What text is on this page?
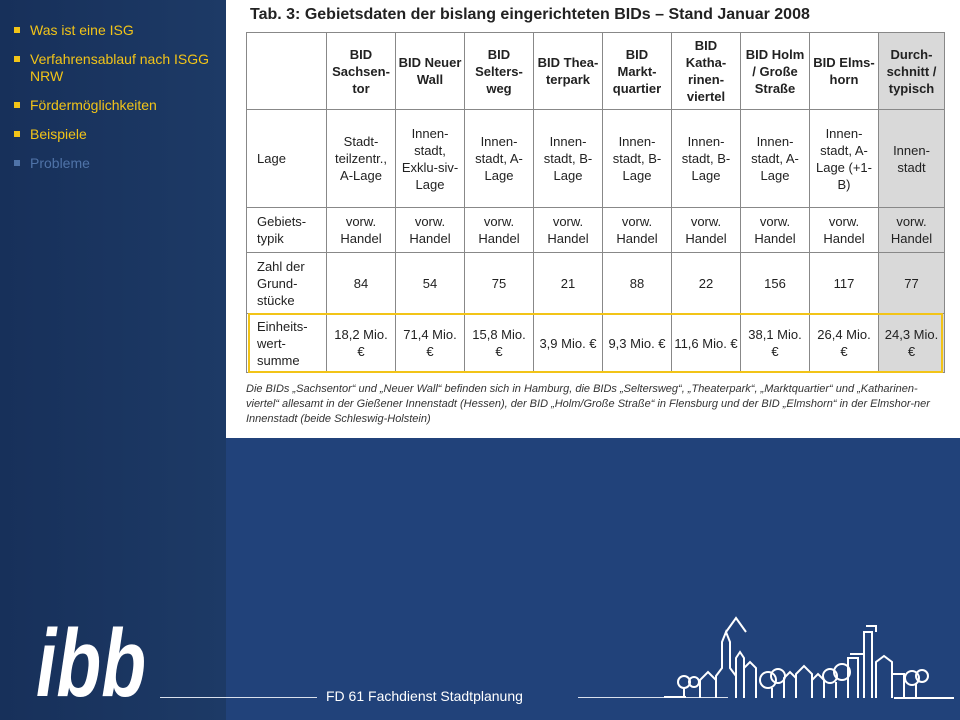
Was ist eine ISG
Verfahrensablauf nach ISGG NRW
Fördermöglichkeiten
Beispiele
Probleme
ibb
Tab. 3: Gebietsdaten der bislang eingerichteten BIDs – Stand Januar 2008
	BID Sachsen-tor	BID Neuer Wall	BID Selters-weg	BID Thea-terpark	BID Markt-quartier	BID Katha-rinen-viertel	BID Holm / Große Straße	BID Elms-horn	Durch-schnitt / typisch
Lage	Stadt-teilzentr., A-Lage	Innen-stadt, Exklu-siv-Lage	Innen-stadt, A-Lage	Innen-stadt, B-Lage	Innen-stadt, B-Lage	Innen-stadt, B-Lage	Innen-stadt, A-Lage	Innen-stadt, A-Lage (+1-B)	Innen-stadt
Gebiets-typik	vorw. Handel	vorw. Handel	vorw. Handel	vorw. Handel	vorw. Handel	vorw. Handel	vorw. Handel	vorw. Handel	vorw. Handel
Zahl der Grund-stücke	84	54	75	21	88	22	156	117	77
Einheits-wert-summe	18,2 Mio. €	71,4 Mio. €	15,8 Mio. €	3,9 Mio. €	9,3 Mio. €	11,6 Mio. €	38,1 Mio. €	26,4 Mio. €	24,3 Mio. €
Die BIDs „Sachsentor“ und „Neuer Wall“ befinden sich in Hamburg, die BIDs „Seltersweg“, „Theaterpark“, „Marktquartier“ und „Katharinen-viertel“ allesamt in der Gießener Innenstadt (Hessen), der BID „Holm/Große Straße“ in Flensburg und der BID „Elmshorn“ in der Elmshor-ner Innenstadt (beide Schleswig-Holstein)
FD 61 Fachdienst Stadtplanung
